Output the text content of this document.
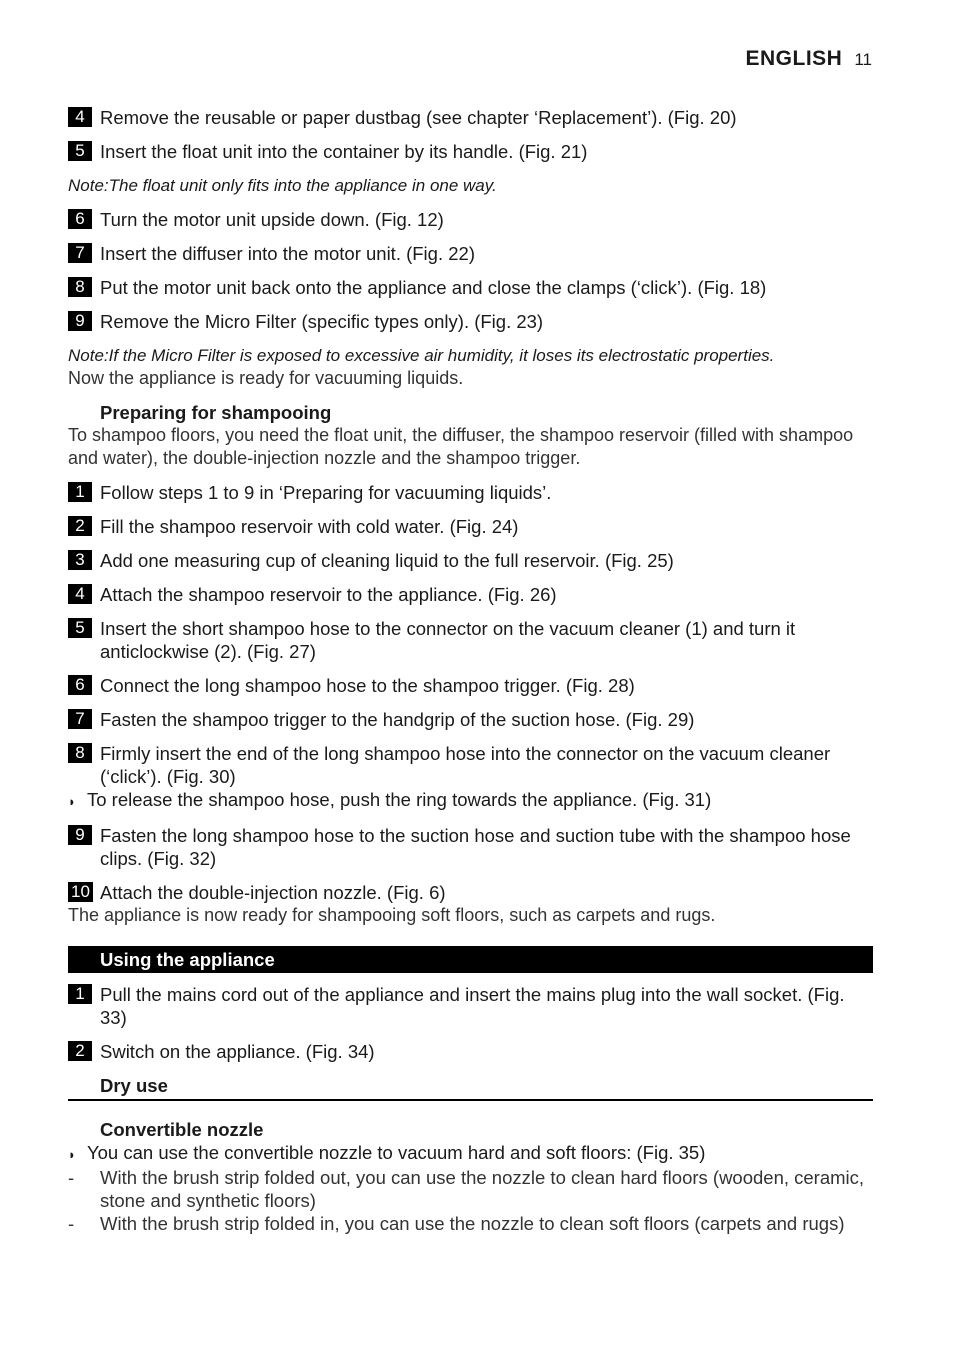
ENGLISH 11
4 Remove the reusable or paper dustbag (see chapter ‘Replacement’). (Fig. 20)
5 Insert the float unit into the container by its handle. (Fig. 21)
Note:The float unit only fits into the appliance in one way.
6 Turn the motor unit upside down. (Fig. 12)
7 Insert the diffuser into the motor unit. (Fig. 22)
8 Put the motor unit back onto the appliance and close the clamps (‘click’). (Fig. 18)
9 Remove the Micro Filter (specific types only). (Fig. 23)
Note:If the Micro Filter is exposed to excessive air humidity, it loses its electrostatic properties.
Now the appliance is ready for vacuuming liquids.
Preparing for shampooing
To shampoo floors, you need the float unit, the diffuser, the shampoo reservoir (filled with shampoo and water), the double-injection nozzle and the shampoo trigger.
1 Follow steps 1 to 9 in ‘Preparing for vacuuming liquids’.
2 Fill the shampoo reservoir with cold water. (Fig. 24)
3 Add one measuring cup of cleaning liquid to the full reservoir. (Fig. 25)
4 Attach the shampoo reservoir to the appliance. (Fig. 26)
5 Insert the short shampoo hose to the connector on the vacuum cleaner (1) and turn it anticlockwise (2). (Fig. 27)
6 Connect the long shampoo hose to the shampoo trigger. (Fig. 28)
7 Fasten the shampoo trigger to the handgrip of the suction hose. (Fig. 29)
8 Firmly insert the end of the long shampoo hose into the connector on the vacuum cleaner (‘click’). (Fig. 30)
◗ To release the shampoo hose, push the ring towards the appliance. (Fig. 31)
9 Fasten the long shampoo hose to the suction hose and suction tube with the shampoo hose clips. (Fig. 32)
10 Attach the double-injection nozzle. (Fig. 6)
The appliance is now ready for shampooing soft floors, such as carpets and rugs.
Using the appliance
1 Pull the mains cord out of the appliance and insert the mains plug into the wall socket. (Fig. 33)
2 Switch on the appliance. (Fig. 34)
Dry use
Convertible nozzle
◗ You can use the convertible nozzle to vacuum hard and soft floors: (Fig. 35)
-	With the brush strip folded out, you can use the nozzle to clean hard floors (wooden, ceramic, stone and synthetic floors)
-	With the brush strip folded in, you can use the nozzle to clean soft floors (carpets and rugs)
